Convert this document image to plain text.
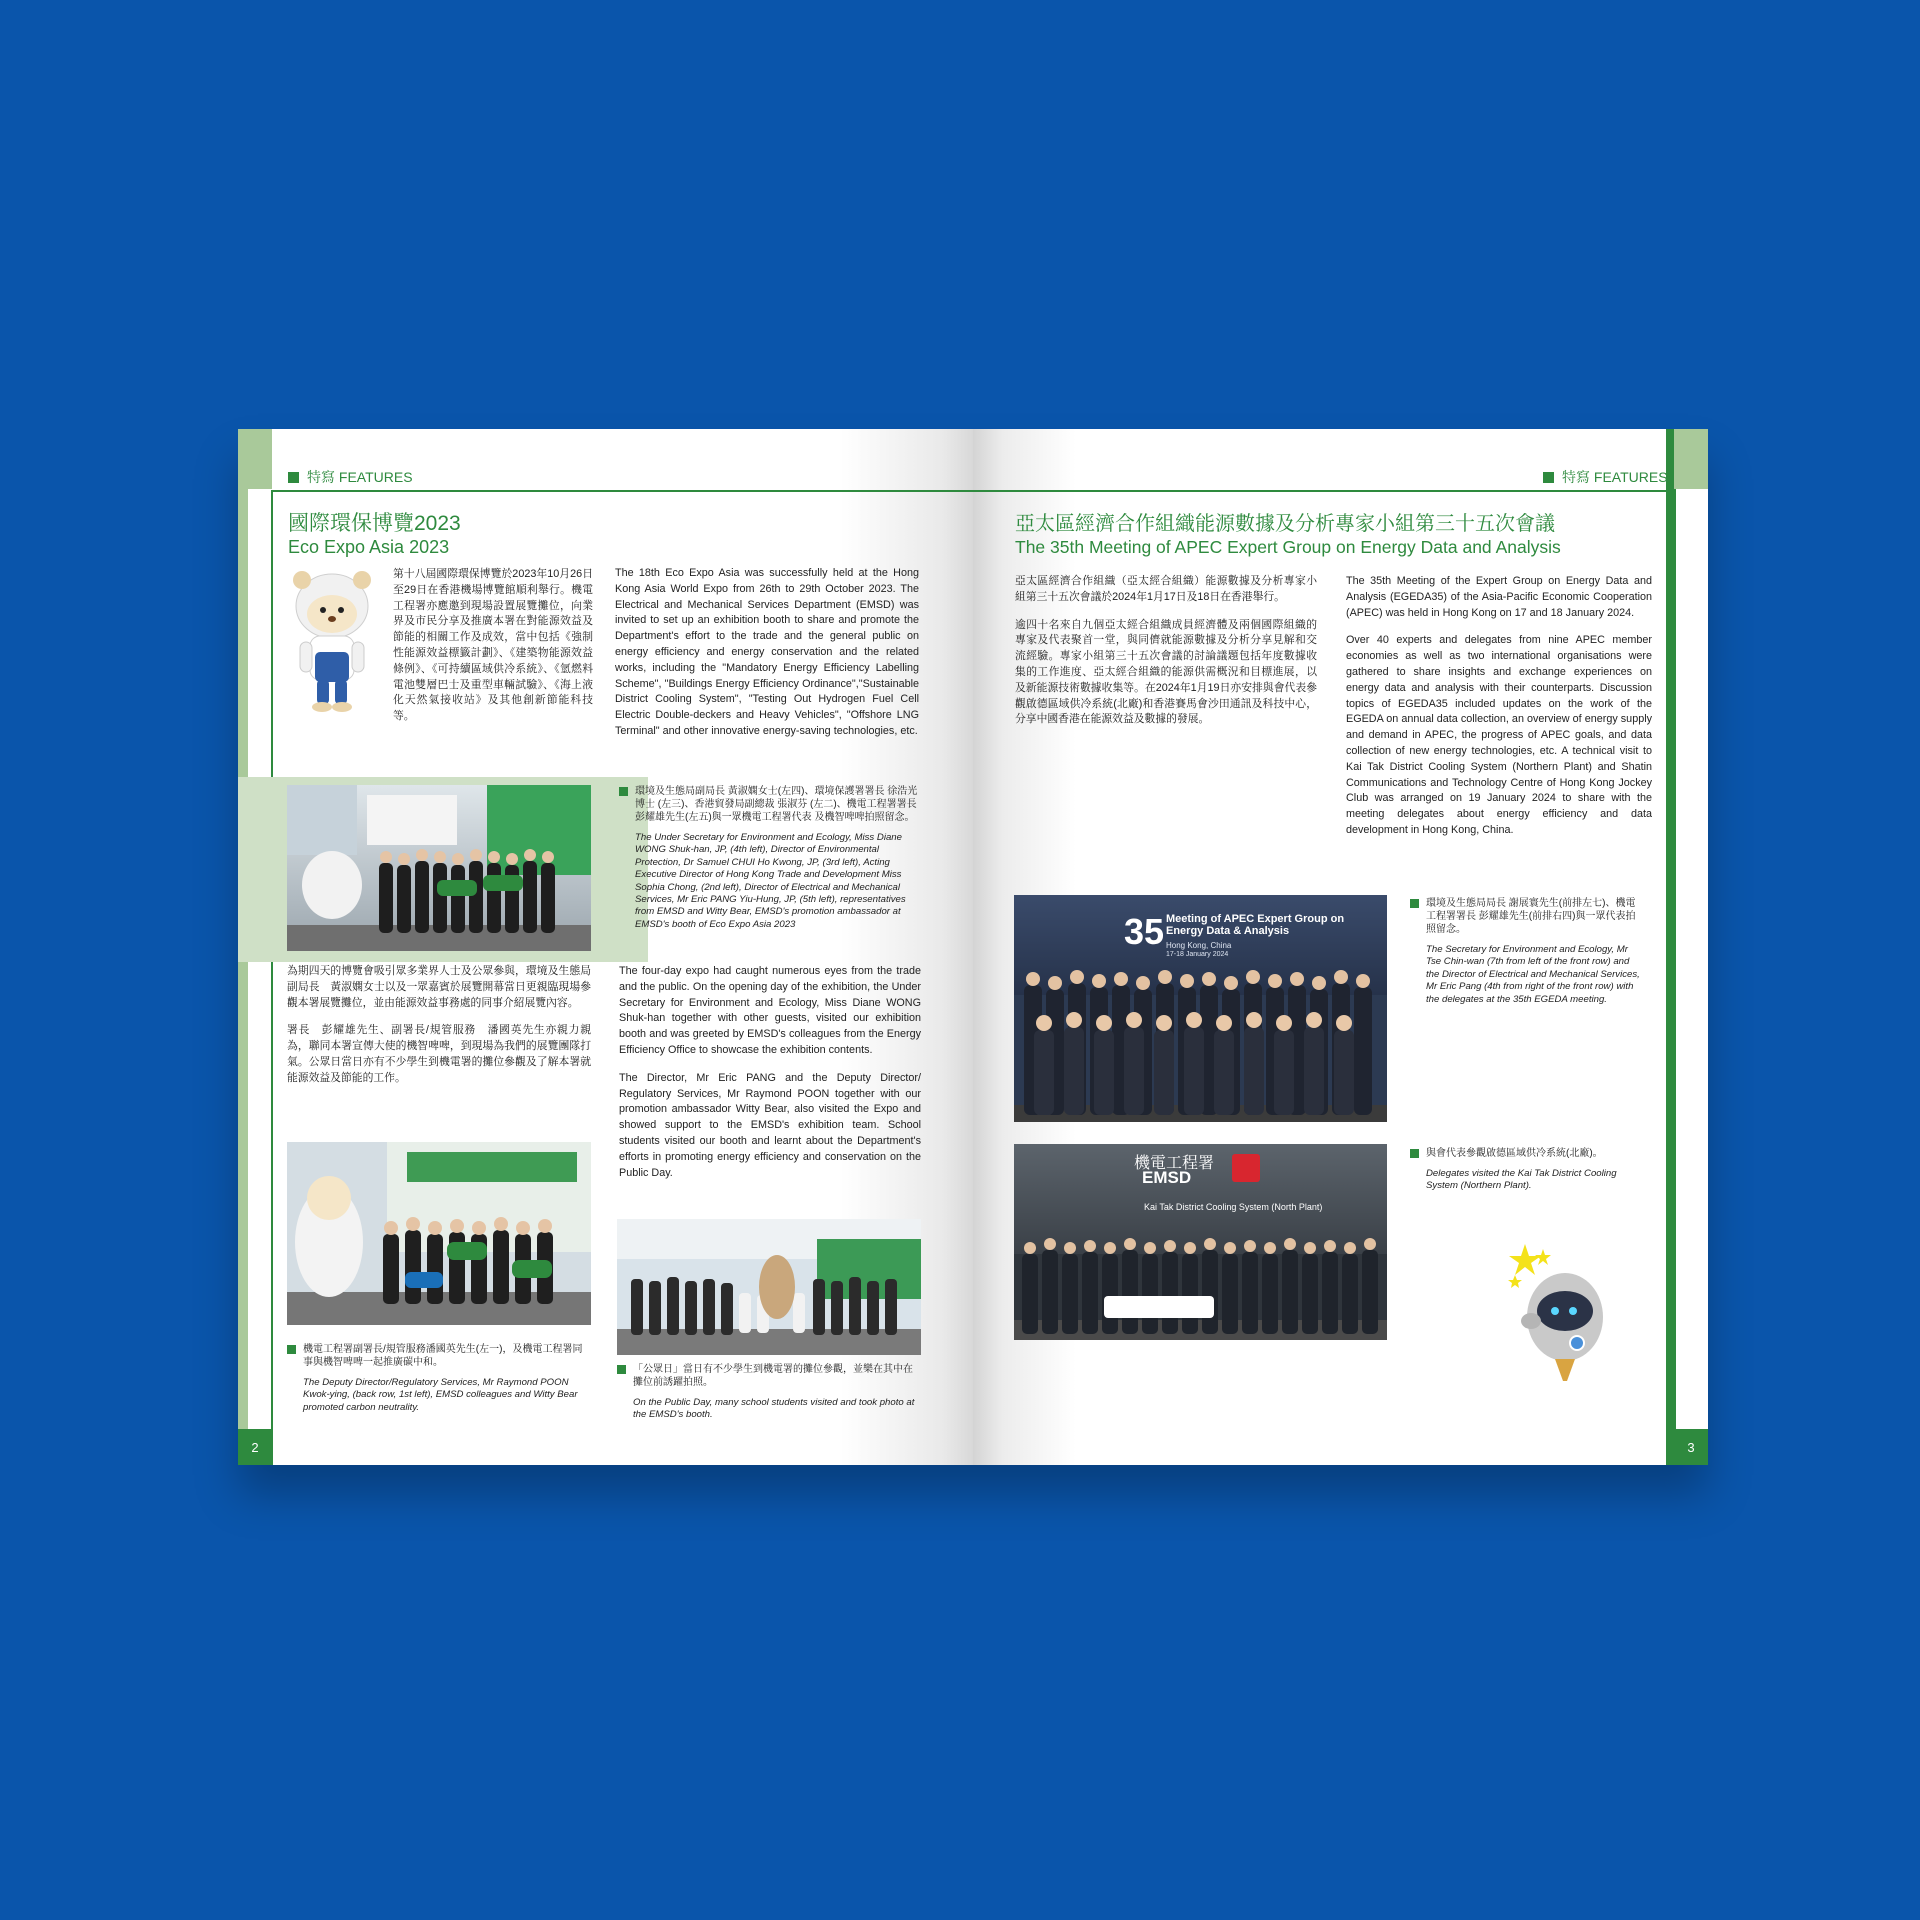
特寫 FEATURES
國際環保博覽2023
Eco Expo Asia 2023
第十八屆國際環保博覽於2023年10月26日至29日在香港機場博覽館順利舉行。機電工程署亦應邀到現場設置展覽攤位，向業界及市民分享及推廣本署在對能源效益及節能的相關工作及成效，當中包括《強制性能源效益標籤計劃》、《建築物能源效益條例》、《可持續區域供冷系統》、《氫燃料電池雙層巴士及重型車輛試驗》、《海上液化天然氣接收站》及其他創新節能科技等。
The 18th Eco Expo Asia was successfully held at the Hong Kong Asia World Expo from 26th to 29th October 2023. The Electrical and Mechanical Services Department (EMSD) was invited to set up an exhibition booth to share and promote the Department's effort to the trade and the general public on energy efficiency and energy conservation and the related works, including the "Mandatory Energy Efficiency Labelling Scheme", "Buildings Energy Efficiency Ordinance","Sustainable District Cooling System", "Testing Out Hydrogen Fuel Cell Electric Double-deckers and Heavy Vehicles", "Offshore LNG Terminal" and other innovative energy-saving technologies, etc.
環境及生態局副局長 黃淑嫻女士(左四)、環境保護署署長 徐浩光博士 (左三)、香港貿發局副總裁 張淑芬 (左二)、機電工程署署長彭耀雄先生(左五)與一眾機電工程署代表 及機智啤啤拍照留念。
The Under Secretary for Environment and Ecology, Miss Diane WONG Shuk-han, JP, (4th left), Director of Environmental Protection, Dr Samuel CHUI Ho Kwong, JP, (3rd left), Acting Executive Director of Hong Kong Trade and Development Miss Sophia Chong, (2nd left), Director of Electrical and Mechanical Services, Mr Eric PANG Yiu-Hung, JP, (5th left), representatives from EMSD and Witty Bear, EMSD's promotion ambassador at EMSD's booth of Eco Expo Asia 2023

為期四天的博覽會吸引眾多業界人士及公眾參與，環境及生態局副局長　黃淑嫻女士以及一眾嘉賓於展覽開幕當日更親臨現場參觀本署展覽攤位，並由能源效益事務處的同事介紹展覽內容。

署長　彭耀雄先生、副署長/規管服務　潘國英先生亦親力親為，聯同本署宣傳大使的機智啤啤，到現場為我們的展覽團隊打氣。公眾日當日亦有不少學生到機電署的攤位參觀及了解本署就能源效益及節能的工作。

The four-day expo had caught numerous eyes from the trade and the public. On the opening day of the exhibition, the Under Secretary for Environment and Ecology, Miss Diane WONG Shuk-han together with other guests, visited our exhibition booth and was greeted by EMSD's colleagues from the Energy Efficiency Office to showcase the exhibition contents.

The Director, Mr Eric PANG and the Deputy Director/ Regulatory Services, Mr Raymond POON together with our promotion ambassador Witty Bear, also visited the Expo and showed support to the EMSD's exhibition team. School students visited our booth and learnt about the Department's efforts in promoting energy efficiency and conservation on the Public Day.

機電工程署副署長/規管服務潘國英先生(左一)，及機電工程署同事與機智啤啤一起推廣碳中和。
The Deputy Director/Regulatory Services, Mr Raymond POON Kwok-ying, (back row, 1st left), EMSD colleagues and Witty Bear promoted carbon neutrality.
「公眾日」當日有不少學生到機電署的攤位參觀，並樂在其中在攤位前誘躍拍照。
On the Public Day, many school students visited and took photo at the EMSD's booth.
2
特寫 FEATURES
亞太區經濟合作組織能源數據及分析專家小組第三十五次會議
The 35th Meeting of APEC Expert Group on Energy Data and Analysis

亞太區經濟合作組織（亞太經合組織）能源數據及分析專家小組第三十五次會議於2024年1月17日及18日在香港舉行。

逾四十名來自九個亞太經合組織成員經濟體及兩個國際組織的專家及代表聚首一堂，與同儕就能源數據及分析分享見解和交流經驗。專家小組第三十五次會議的討論議題包括年度數據收集的工作進度、亞太經合組織的能源供需概況和目標進展，以及新能源技術數據收集等。在2024年1月19日亦安排與會代表參觀啟德區域供冷系統(北廠)和香港賽馬會沙田通訊及科技中心，分享中國香港在能源效益及數據的發展。

The 35th Meeting of the Expert Group on Energy Data and Analysis (EGEDA35) of the Asia-Pacific Economic Cooperation (APEC) was held in Hong Kong on 17 and 18 January 2024.

Over 40 experts and delegates from nine APEC member economies as well as two international organisations were gathered to share insights and exchange experiences on energy data and analysis with their counterparts. Discussion topics of EGEDA35 included updates on the work of the EGEDA on annual data collection, an overview of energy supply and demand in APEC, the progress of APEC goals, and data collection of new energy technologies, etc. A technical visit to Kai Tak District Cooling System (Northern Plant) and Shatin Communications and Technology Centre of Hong Kong Jockey Club was arranged on 19 January 2024 to share with the meeting delegates about energy efficiency and data development in Hong Kong, China.

35 Meeting of APEC Expert Group on Energy Data & Analysis
Hong Kong, China
17-18 January 2024
環境及生態局局長 謝展寰先生(前排左七)、機電工程署署長 彭耀雄先生(前排右四)與一眾代表拍照留念。
The Secretary for Environment and Ecology, Mr Tse Chin-wan (7th from left of the front row) and the Director of Electrical and Mechanical Services, Mr Eric Pang (4th from right of the front row) with the delegates at the 35th EGEDA meeting.
機電工程署
EMSD
Kai Tak District Cooling System (North Plant)
與會代表參觀啟德區域供冷系統(北廠)。
Delegates visited the Kai Tak District Cooling System (Northern Plant).
3
